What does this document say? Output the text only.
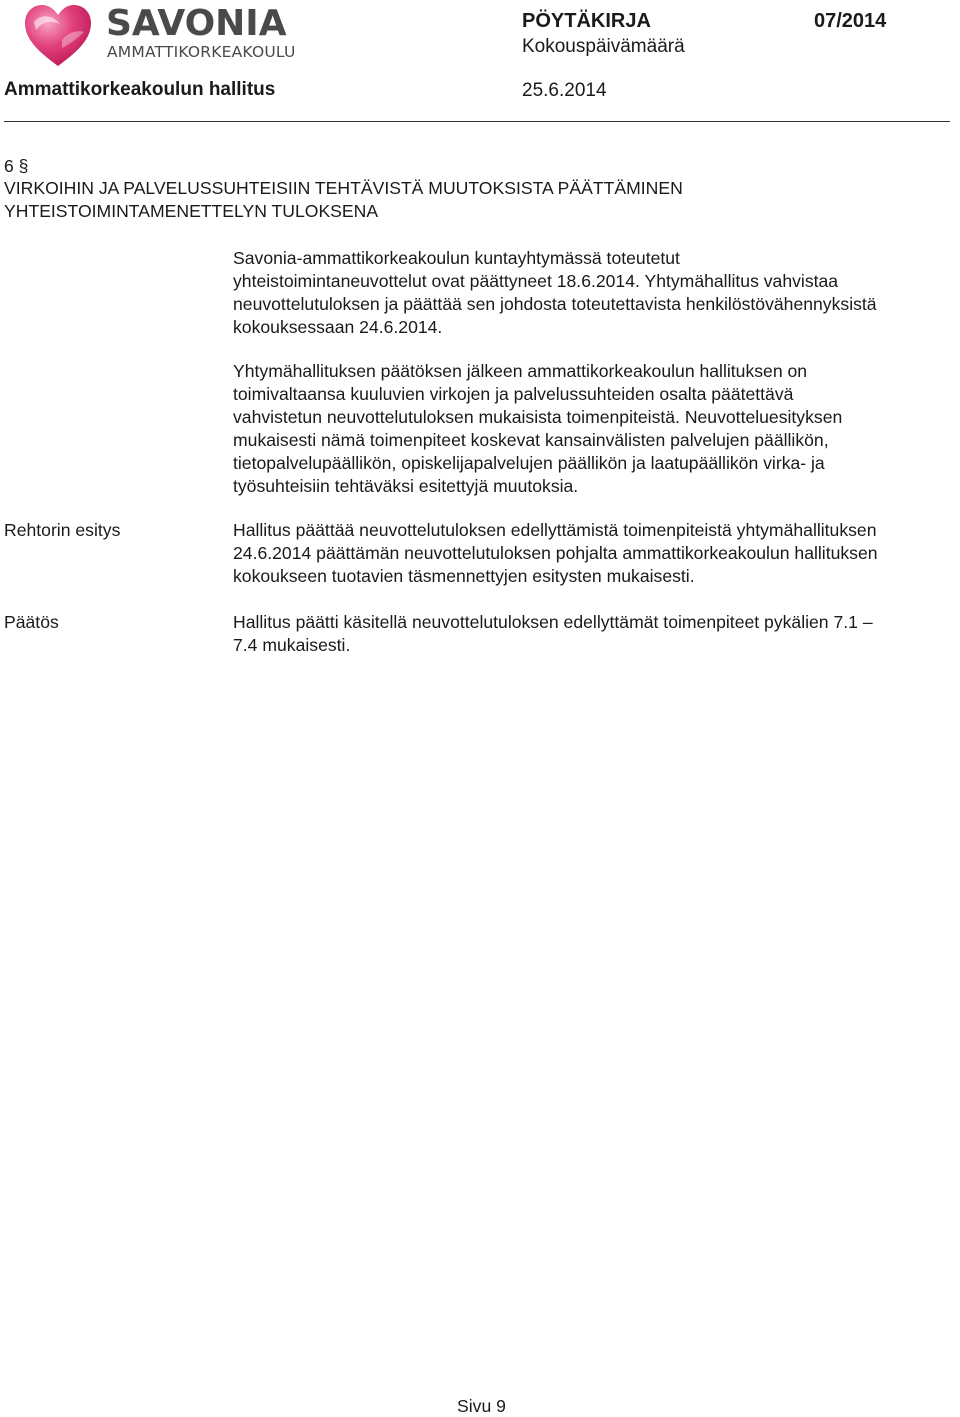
SAVONIA
AMMATTIKORKEAKOULU
PÖYTÄKIRJA	07/2014
Kokouspäivämäärä
Ammattikorkeakoulun hallitus	25.6.2014
6 §
VIRKOIHIN JA PALVELUSSUHTEISIIN TEHTÄVISTÄ MUUTOKSISTA PÄÄTTÄMINEN
YHTEISTOIMINTAMENETTELYN TULOKSENA
Savonia-ammattikorkeakoulun kuntayhtymässä toteutetut
yhteistoimintaneuvottelut ovat päättyneet 18.6.2014. Yhtymähallitus vahvistaa
neuvottelutuloksen ja päättää sen johdosta toteutettavista henkilöstövähennyksistä
kokouksessaan 24.6.2014.
Yhtymähallituksen päätöksen jälkeen ammattikorkeakoulun hallituksen on
toimivaltaansa kuuluvien virkojen ja palvelussuhteiden osalta päätettävä
vahvistetun neuvottelutuloksen mukaisista toimenpiteistä. Neuvotteluesityksen
mukaisesti nämä toimenpiteet koskevat kansainvälisten palvelujen päällikön,
tietopalvelupäällikön, opiskelijapalvelujen päällikön ja laatupäällikön virka- ja
työsuhteisiin tehtäväksi esitettyjä muutoksia.
Rehtorin esitys	Hallitus päättää neuvottelutuloksen edellyttämistä toimenpiteistä yhtymähallituksen
24.6.2014 päättämän neuvottelutuloksen pohjalta ammattikorkeakoulun hallituksen
kokoukseen tuotavien täsmennettyjen esitysten mukaisesti.
Päätös	Hallitus päätti käsitellä neuvottelutuloksen edellyttämät toimenpiteet pykälien 7.1 –
7.4 mukaisesti.
Sivu 9
